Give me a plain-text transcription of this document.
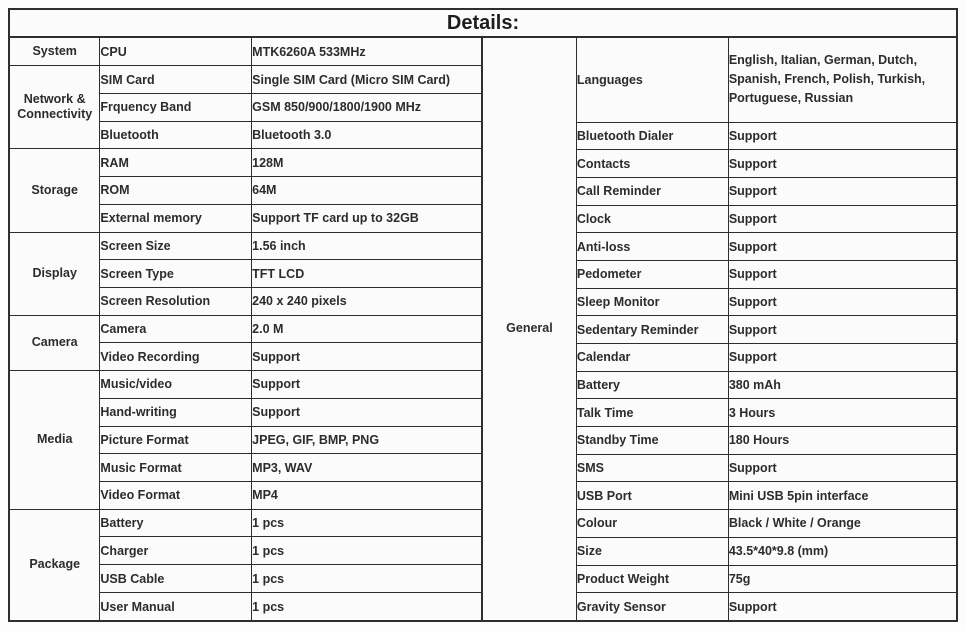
Details:
System	CPU	MTK6260A 533MHz
Network & Connectivity	SIM Card	Single SIM Card (Micro SIM Card)
	Frquency Band	GSM 850/900/1800/1900 MHz
	Bluetooth	Bluetooth 3.0
Storage	RAM	128M
	ROM	64M
	External memory	Support TF card up to 32GB
Display	Screen Size	1.56 inch
	Screen Type	TFT LCD
	Screen Resolution	240 x 240 pixels
Camera	Camera	2.0 M
	Video Recording	Support
Media	Music/video	Support
	Hand-writing	Support
	Picture Format	JPEG, GIF, BMP, PNG
	Music Format	MP3, WAV
	Video Format	MP4
Package	Battery	1 pcs
	Charger	1 pcs
	USB Cable	1 pcs
	User Manual	1 pcs
General	Languages	English, Italian, German, Dutch, Spanish, French, Polish, Turkish, Portuguese, Russian
	Bluetooth Dialer	Support
	Contacts	Support
	Call Reminder	Support
	Clock	Support
	Anti-loss	Support
	Pedometer	Support
	Sleep Monitor	Support
	Sedentary Reminder	Support
	Calendar	Support
	Battery	380 mAh
	Talk Time	3 Hours
	Standby Time	180 Hours
	SMS	Support
	USB Port	Mini USB 5pin interface
	Colour	Black / White / Orange
	Size	43.5*40*9.8 (mm)
	Product Weight	75g
	Gravity Sensor	Support
